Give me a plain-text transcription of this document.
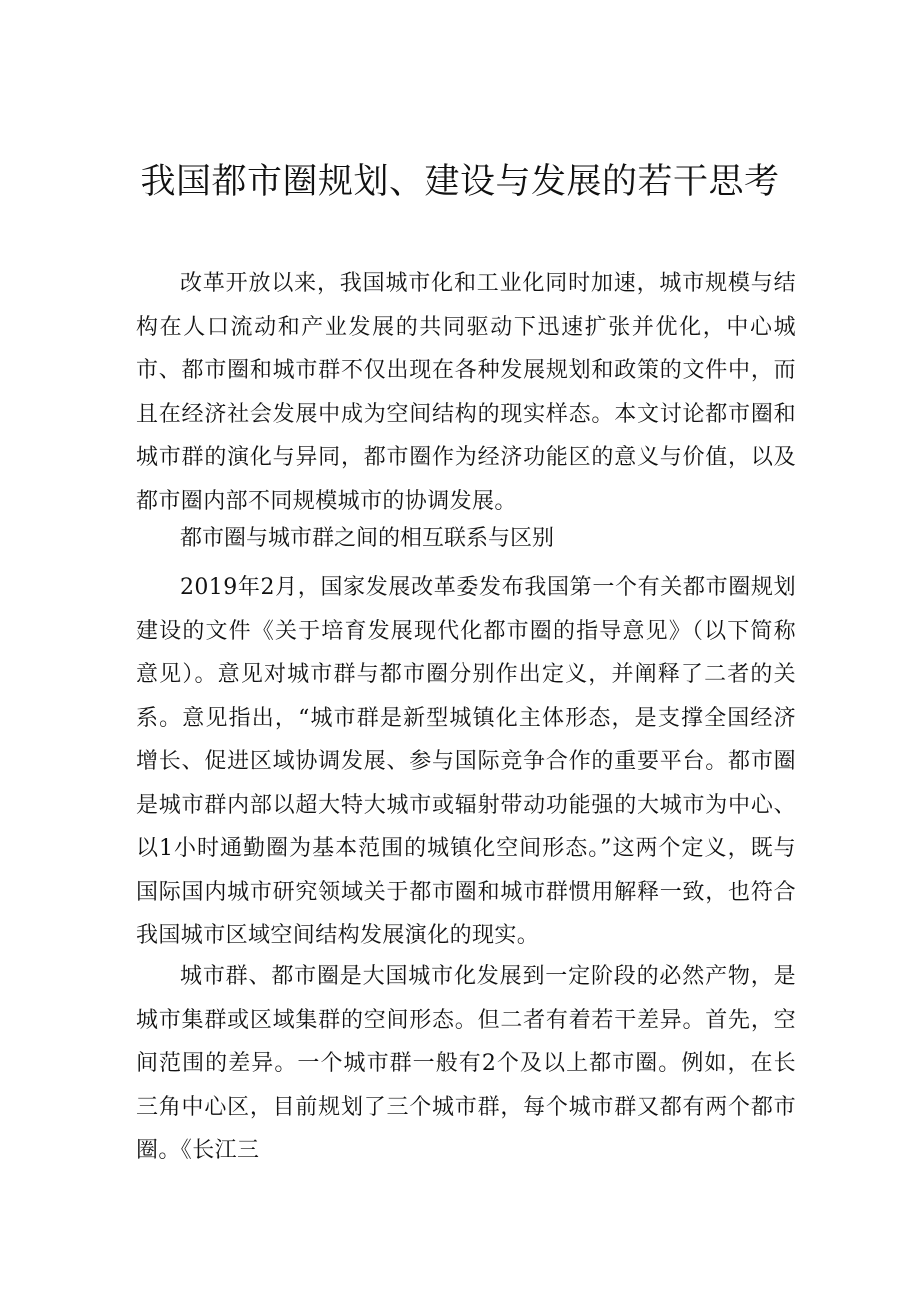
我国都市圈规划、建设与发展的若干思考

改革开放以来，我国城市化和工业化同时加速，城市规模与结构在人口流动和产业发展的共同驱动下迅速扩张并优化，中心城市、都市圈和城市群不仅出现在各种发展规划和政策的文件中，而且在经济社会发展中成为空间结构的现实样态。本文讨论都市圈和城市群的演化与异同，都市圈作为经济功能区的意义与价值，以及都市圈内部不同规模城市的协调发展。

都市圈与城市群之间的相互联系与区别

2019年2月，国家发展改革委发布我国第一个有关都市圈规划建设的文件《关于培育发展现代化都市圈的指导意见》（以下简称意见）。意见对城市群与都市圈分别作出定义，并阐释了二者的关系。意见指出，“城市群是新型城镇化主体形态，是支撑全国经济增长、促进区域协调发展、参与国际竞争合作的重要平台。都市圈是城市群内部以超大特大城市或辐射带动功能强的大城市为中心、以1小时通勤圈为基本范围的城镇化空间形态。”这两个定义，既与国际国内城市研究领域关于都市圈和城市群惯用解释一致，也符合我国城市区域空间结构发展演化的现实。

城市群、都市圈是大国城市化发展到一定阶段的必然产物，是城市集群或区域集群的空间形态。但二者有着若干差异。首先，空间范围的差异。一个城市群一般有2个及以上都市圈。例如，在长三角中心区，目前规划了三个城市群，每个城市群又都有两个都市圈。《长江三
